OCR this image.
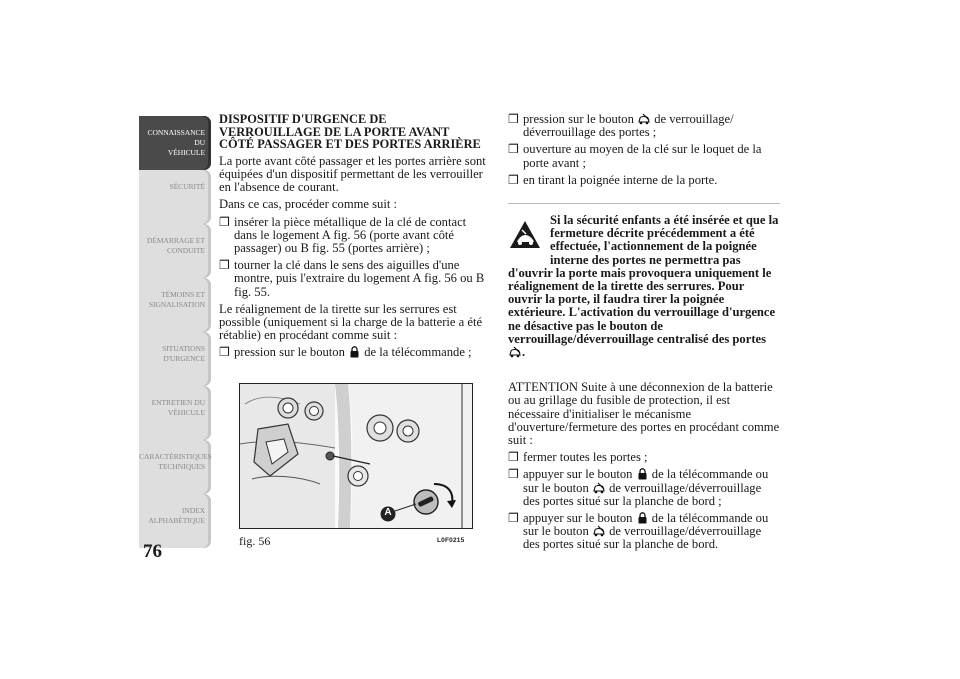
CONNAISSANCE DU
VÉHICULE
SÉCURITÉ
DÉMARRAGE ET
CONDUITE
TÉMOINS ET
SIGNALISATION
SITUATIONS
D'URGENCE
ENTRETIEN DU
VÉHICULE
CARACTÉRISTIQUES
TECHNIQUES
INDEX
ALPHABÉTIQUE
76
DISPOSITIF D'URGENCE DE VERROUILLAGE DE LA PORTE AVANT CÔTÉ PASSAGER ET DES PORTES ARRIÈRE

La porte avant côté passager et les portes arrière sont équipées d'un dispositif permettant de les verrouiller en l'absence de courant.

Dans ce cas, procéder comme suit :

❒ insérer la pièce métallique de la clé de contact dans le logement A fig. 56 (porte avant côté passager) ou B fig. 55 (portes arrière) ;
❒ tourner la clé dans le sens des aiguilles d'une montre, puis l'extraire du logement A fig. 56 ou B fig. 55.

Le réalignement de la tirette sur les serrures est possible (uniquement si la charge de la batterie a été rétablie) en procédant comme suit :

❒ pression sur le bouton de la télécommande ;
A
fig. 56	L0F0215
❒ pression sur le bouton de verrouillage/ déverrouillage des portes ;
❒ ouverture au moyen de la clé sur le loquet de la porte avant ;
❒ en tirant la poignée interne de la porte.
Si la sécurité enfants a été insérée et que la fermeture décrite précédemment a été effectuée, l'actionnement de la poignée interne des portes ne permettra pas d'ouvrir la porte mais provoquera uniquement le réalignement de la tirette des serrures. Pour ouvrir la porte, il faudra tirer la poignée extérieure. L'activation du verrouillage d'urgence ne désactive pas le bouton de verrouillage/déverrouillage centralisé des portes .

ATTENTION Suite à une déconnexion de la batterie ou au grillage du fusible de protection, il est nécessaire d'initialiser le mécanisme d'ouverture/fermeture des portes en procédant comme suit :

❒ fermer toutes les portes ;
❒ appuyer sur le bouton de la télécommande ou sur le bouton de verrouillage/déverrouillage des portes situé sur la planche de bord ;
❒ appuyer sur le bouton de la télécommande ou sur le bouton de verrouillage/déverrouillage des portes situé sur la planche de bord.
